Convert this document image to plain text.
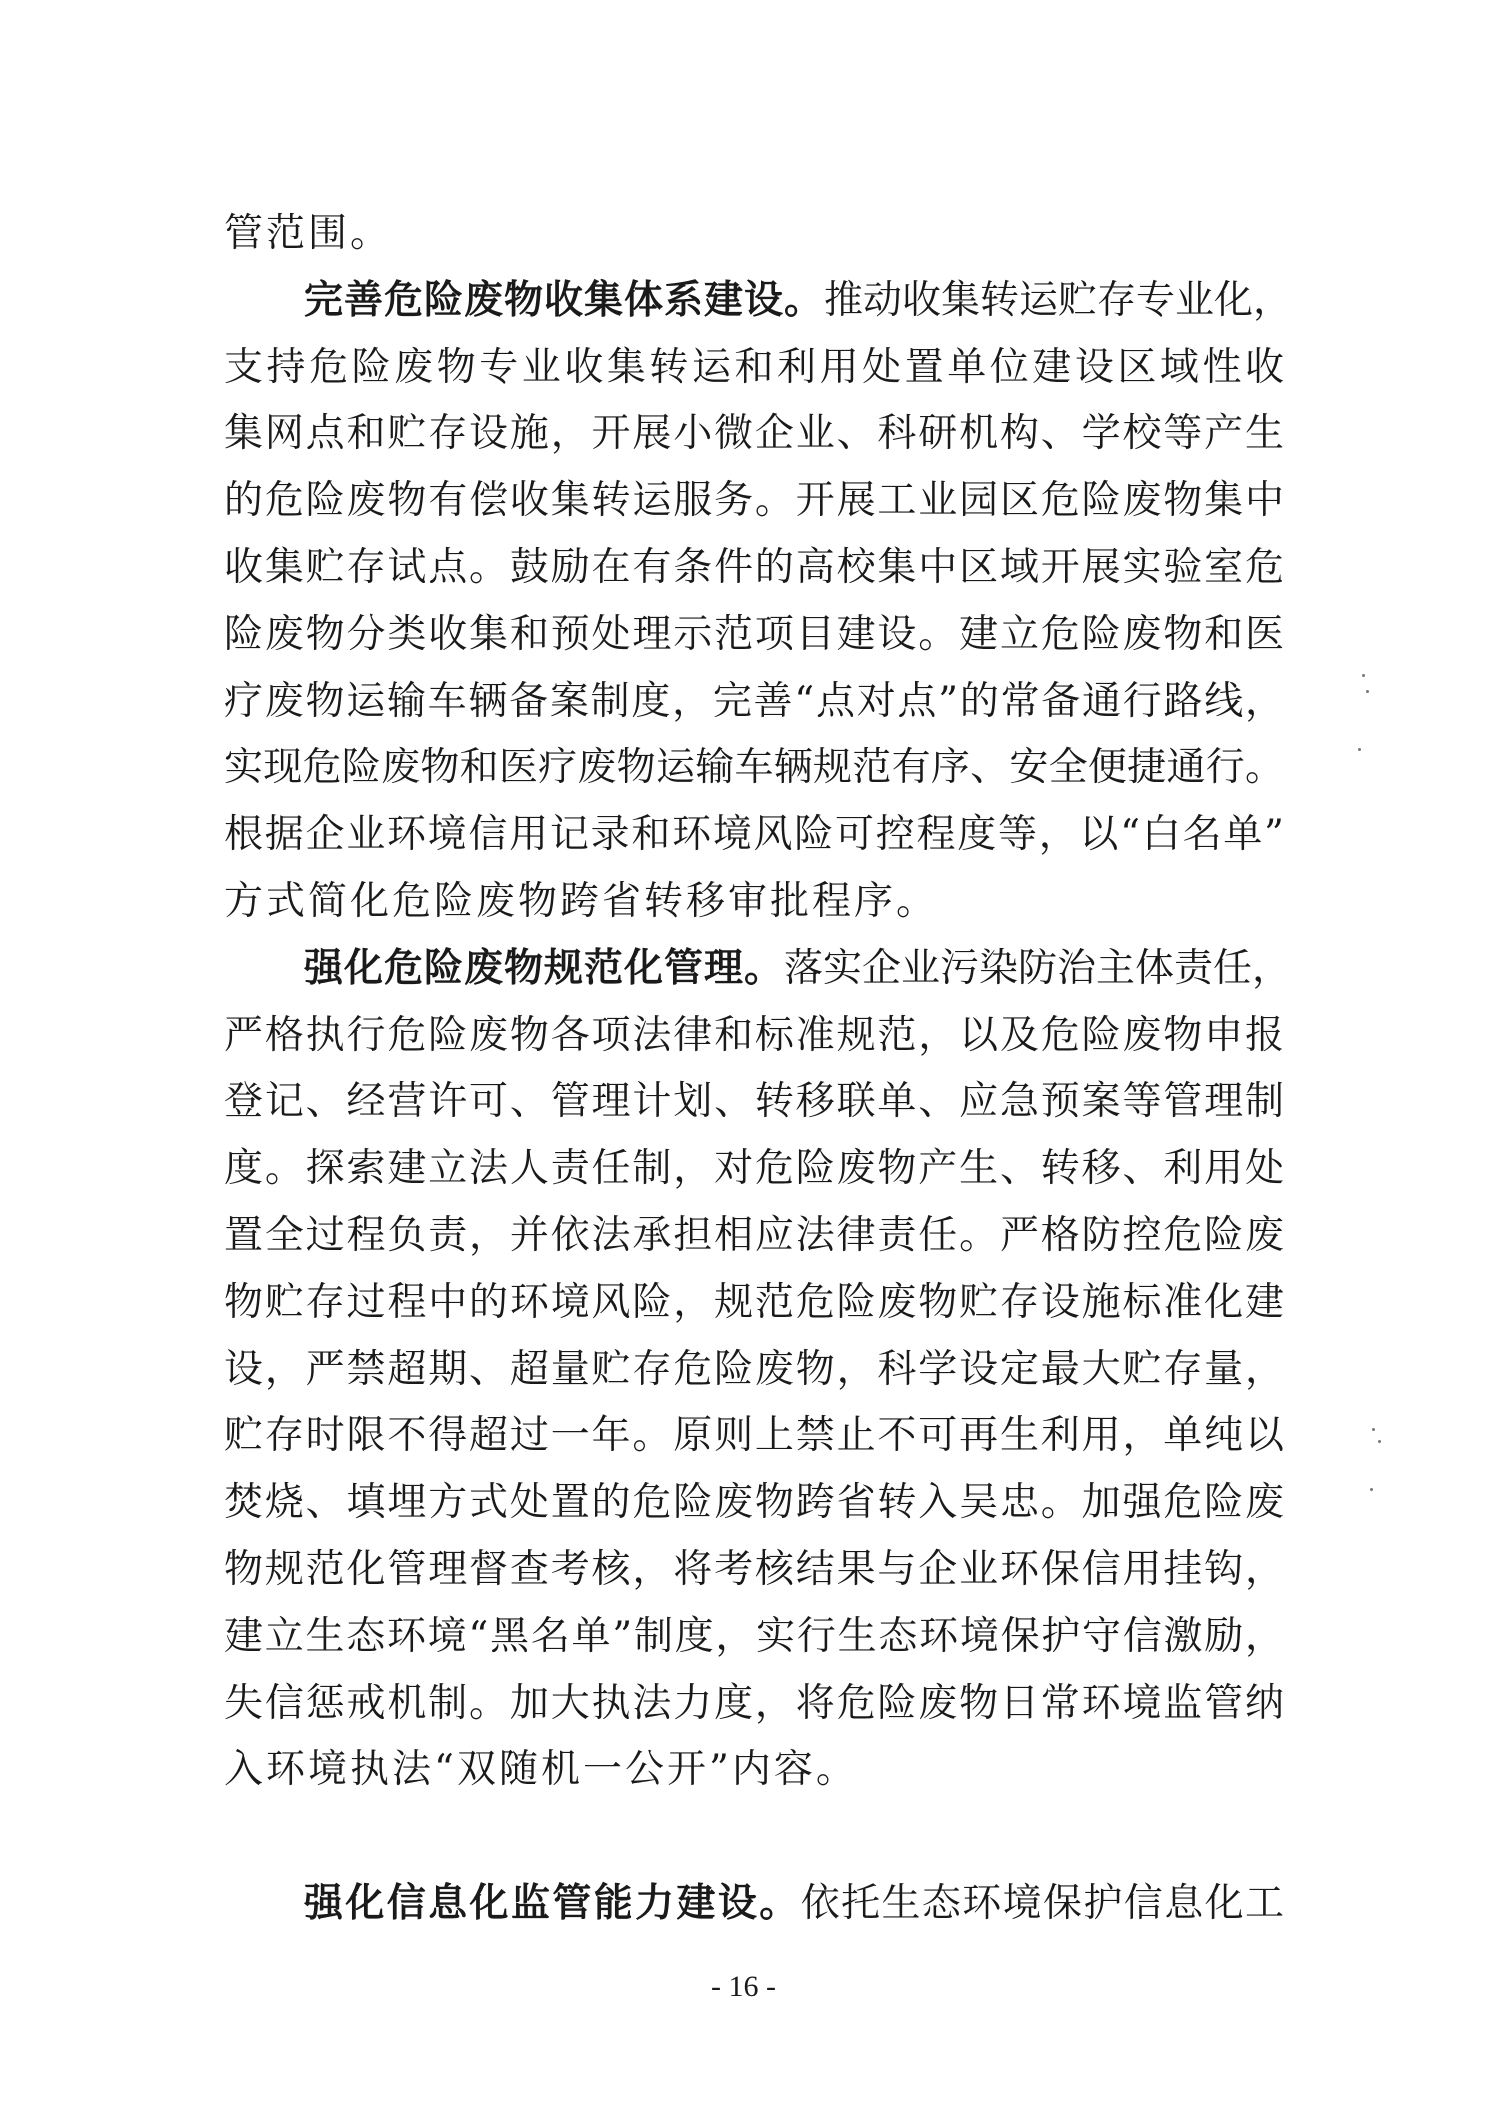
管范围。
完善危险废物收集体系建设。推动收集转运贮存专业化，
支持危险废物专业收集转运和利用处置单位建设区域性收
集网点和贮存设施，开展小微企业、科研机构、学校等产生
的危险废物有偿收集转运服务。开展工业园区危险废物集中
收集贮存试点。鼓励在有条件的高校集中区域开展实验室危
险废物分类收集和预处理示范项目建设。建立危险废物和医
疗废物运输车辆备案制度，完善“点对点”的常备通行路线，
实现危险废物和医疗废物运输车辆规范有序、安全便捷通行。
根据企业环境信用记录和环境风险可控程度等，以“白名单”
方式简化危险废物跨省转移审批程序。
强化危险废物规范化管理。落实企业污染防治主体责任，
严格执行危险废物各项法律和标准规范，以及危险废物申报
登记、经营许可、管理计划、转移联单、应急预案等管理制
度。探索建立法人责任制，对危险废物产生、转移、利用处
置全过程负责，并依法承担相应法律责任。严格防控危险废
物贮存过程中的环境风险，规范危险废物贮存设施标准化建
设，严禁超期、超量贮存危险废物，科学设定最大贮存量，
贮存时限不得超过一年。原则上禁止不可再生利用，单纯以
焚烧、填埋方式处置的危险废物跨省转入吴忠。加强危险废
物规范化管理督查考核，将考核结果与企业环保信用挂钩，
建立生态环境“黑名单”制度，实行生态环境保护守信激励，
失信惩戒机制。加大执法力度，将危险废物日常环境监管纳
入环境执法“双随机一公开”内容。
强化信息化监管能力建设。依托生态环境保护信息化工
- 16 -
